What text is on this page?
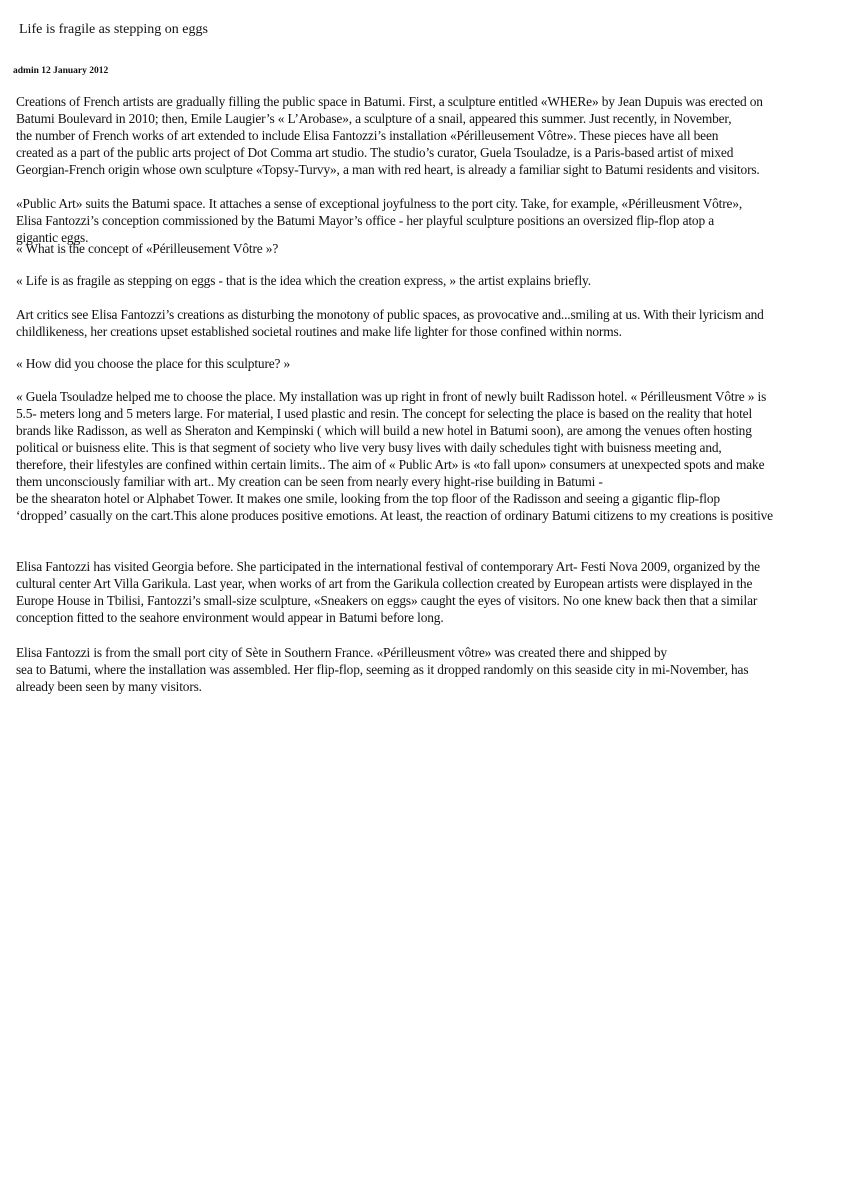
Life is fragile as stepping on eggs
admin 12 January 2012
Creations of French artists are gradually filling the public space in Batumi. First, a sculpture entitled «WHERe» by Jean Dupuis was erected on
Batumi Boulevard in 2010; then, Emile Laugier’s « L’Arobase», a sculpture of a snail, appeared this summer. Just recently, in November,
the number of French works of art extended to include Elisa Fantozzi’s installation «Périlleusement Vôtre». These pieces have all been
created as a part of the public arts project of Dot Comma art studio. The studio’s curator, Guela Tsouladze, is a Paris-based artist of mixed
Georgian-French origin whose own sculpture «Topsy-Turvy», a man with red heart, is already a familiar sight to Batumi residents and visitors.
«Public Art» suits the Batumi space. It attaches a sense of exceptional joyfulness to the port city. Take, for example, «Périlleusment Vôtre»,
Elisa Fantozzi’s conception commissioned by the Batumi Mayor’s office - her playful sculpture positions an oversized flip-flop atop a
gigantic eggs.
« What is the concept of «Périlleusement Vôtre »?
« Life is as fragile as stepping on eggs - that is the idea which the creation express, » the artist explains briefly.
Art critics see Elisa Fantozzi’s creations as disturbing the monotony of public spaces, as provocative and...smiling at us. With their lyricism and
childlikeness, her creations upset established societal routines and make life lighter for those confined within norms.
« How did you choose the place for this sculpture? »
« Guela Tsouladze helped me to choose the place. My installation was up right in front of newly built Radisson hotel. « Périlleusment Vôtre » is
5.5- meters long and 5 meters large. For material, I used plastic and resin. The concept for selecting the place is based on the reality that hotel
brands like Radisson, as well as Sheraton and Kempinski ( which will build a new hotel in Batumi soon), are among the venues often hosting
political or buisness elite. This is that segment of society who live very busy lives with daily schedules tight with buisness meeting and,
therefore, their lifestyles are confined within certain limits.. The aim of « Public Art» is «to fall upon» consumers at unexpected spots and make
them unconsciously familiar with art.. My creation can be seen from nearly every hight-rise building in Batumi -
be the shearaton hotel or Alphabet Tower. It makes one smile, looking from the top floor of the Radisson and seeing a gigantic flip-flop
‘dropped’ casually on the cart.This alone produces positive emotions. At least, the reaction of ordinary Batumi citizens to my creations is positive
Elisa Fantozzi has visited Georgia before. She participated in the international festival of contemporary Art- Festi Nova 2009, organized by the
cultural center Art Villa Garikula. Last year, when works of art from the Garikula collection created by European artists were displayed in the
Europe House in Tbilisi, Fantozzi’s small-size sculpture, «Sneakers on eggs» caught the eyes of visitors. No one knew back then that a similar
conception fitted to the seahore environment would appear in Batumi before long.
Elisa Fantozzi is from the small port city of Sète in Southern France. «Périlleusment vôtre» was created there and shipped by
sea to Batumi, where the installation was assembled. Her flip-flop, seeming as it dropped randomly on this seaside city in mi-November, has
already been seen by many visitors.
